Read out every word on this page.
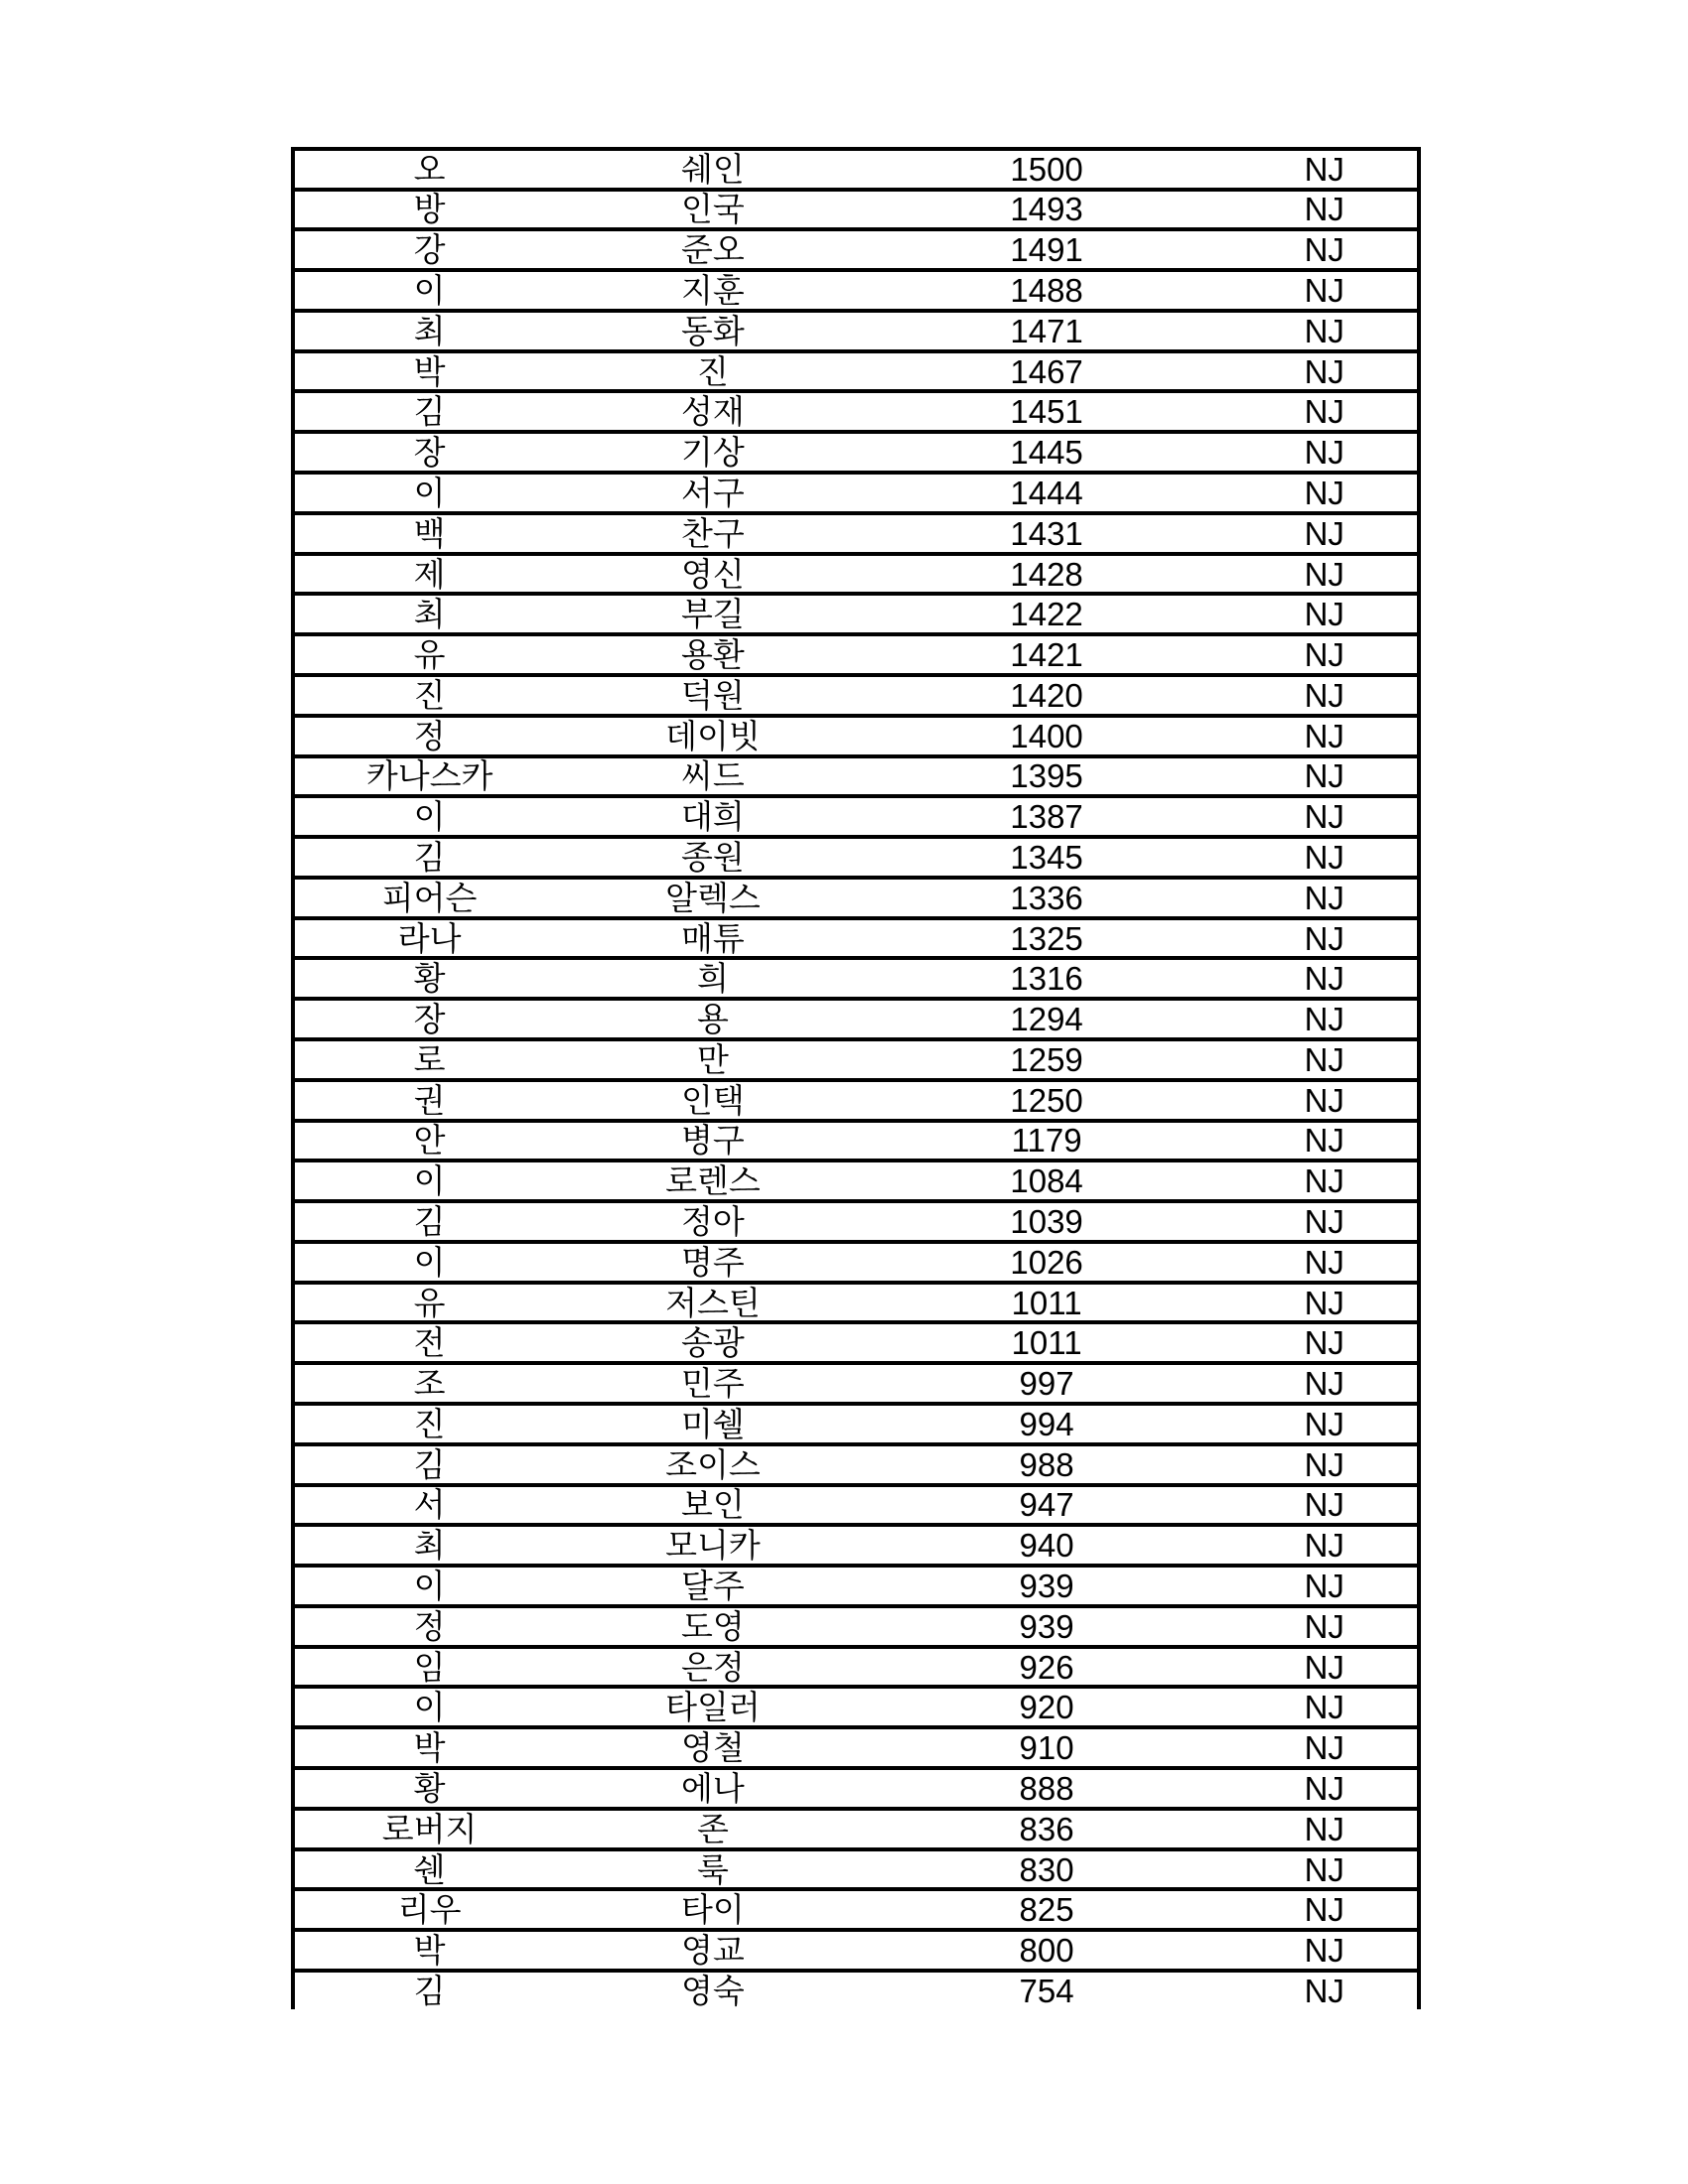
오	쉐인	1500	NJ
방	인국	1493	NJ
강	준오	1491	NJ
이	지훈	1488	NJ
최	동화	1471	NJ
박	진	1467	NJ
김	성재	1451	NJ
장	기상	1445	NJ
이	서구	1444	NJ
백	찬구	1431	NJ
제	영신	1428	NJ
최	부길	1422	NJ
유	용환	1421	NJ
진	덕원	1420	NJ
정	데이빗	1400	NJ
카나스카	씨드	1395	NJ
이	대희	1387	NJ
김	종원	1345	NJ
피어슨	알렉스	1336	NJ
라나	매튜	1325	NJ
황	희	1316	NJ
장	용	1294	NJ
로	만	1259	NJ
권	인택	1250	NJ
안	병구	1179	NJ
이	로렌스	1084	NJ
김	정아	1039	NJ
이	명주	1026	NJ
유	저스틴	1011	NJ
전	송광	1011	NJ
조	민주	997	NJ
진	미쉘	994	NJ
김	조이스	988	NJ
서	보인	947	NJ
최	모니카	940	NJ
이	달주	939	NJ
정	도영	939	NJ
임	은정	926	NJ
이	타일러	920	NJ
박	영철	910	NJ
황	에나	888	NJ
로버지	존	836	NJ
쉔	룩	830	NJ
리우	타이	825	NJ
박	영교	800	NJ
김	영숙	754	NJ
